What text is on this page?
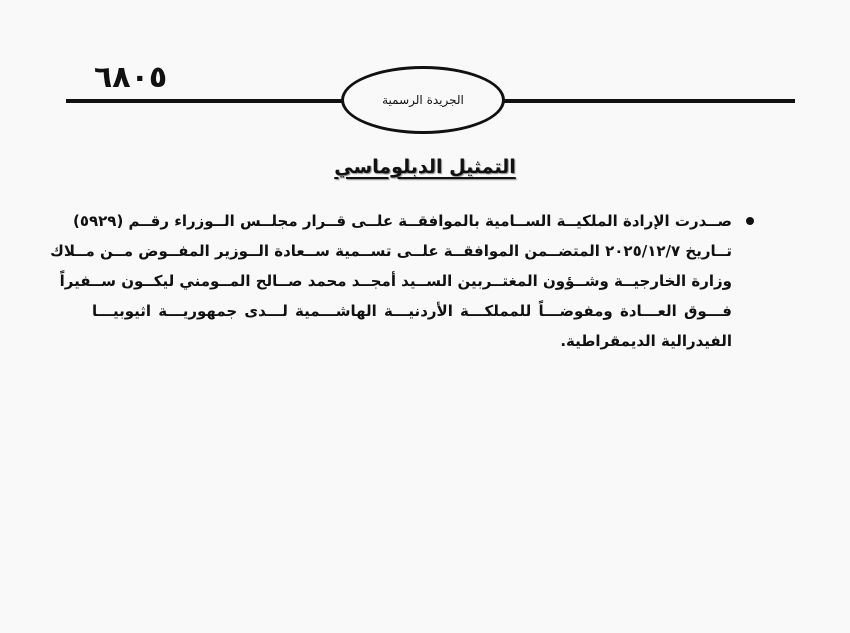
٦٨٠٥
الجريدة الرسمية
التمثيل الدبلوماسي
صــدرت الإرادة الملكيــة الســامية بالموافقــة علــى قــرار مجلــس الــوزراء رقــم (٥٩٢٩)
تــاريخ ٢٠٢٥/١٢/٧ المتضــمن الموافقــة علــى تســمية ســعادة الــوزير المفــوض مــن مــلاك
وزارة الخارجيــة وشــؤون المغتــربين الســيد أمجــد محمد صــالح المــومني ليكــون ســفيراً
فـــوق العـــادة ومفوضـــاً للمملكـــة الأردنيـــة الهاشـــمية لـــدى جمهوريـــة اثيوبيـــا
الفيدرالية الديمقراطية.
